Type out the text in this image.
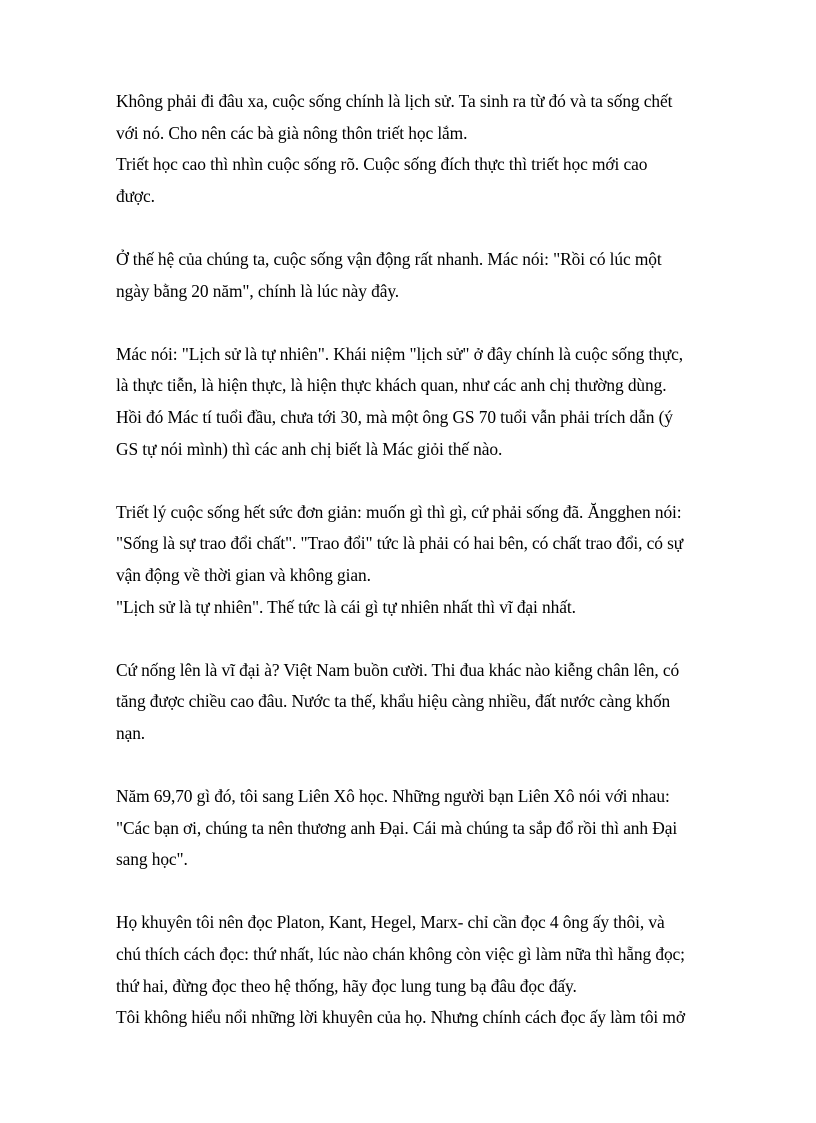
Không phải đi đâu xa, cuộc sống chính là lịch sử. Ta sinh ra từ đó và ta sống chết
với nó. Cho nên các bà già nông thôn triết học lắm.
Triết học cao thì nhìn cuộc sống rõ. Cuộc sống đích thực thì triết học mới cao
được.
Ở thế hệ của chúng ta, cuộc sống vận động rất nhanh. Mác nói: "Rồi có lúc một
ngày bằng 20 năm", chính là lúc này đây.
Mác nói: "Lịch sử là tự nhiên". Khái niệm "lịch sử" ở đây chính là cuộc sống thực,
là thực tiễn, là hiện thực, là hiện thực khách quan, như các anh chị thường dùng.
Hồi đó Mác tí tuổi đầu, chưa tới 30, mà một ông GS 70 tuổi vẫn phải trích dẫn (ý
GS tự nói mình) thì các anh chị biết là Mác giỏi thế nào.
Triết lý cuộc sống hết sức đơn giản: muốn gì thì gì, cứ phải sống đã. Ăngghen nói:
"Sống là sự trao đổi chất". "Trao đổi" tức là phải có hai bên, có chất trao đổi, có sự
vận động về thời gian và không gian.
"Lịch sử là tự nhiên". Thế tức là cái gì tự nhiên nhất thì vĩ đại nhất.
Cứ nống lên là vĩ đại à? Việt Nam buồn cười. Thi đua khác nào kiễng chân lên, có
tăng được chiều cao đâu. Nước ta thế, khẩu hiệu càng nhiều, đất nước càng khốn
nạn.
Năm 69,70 gì đó, tôi sang Liên Xô học. Những người bạn Liên Xô nói với nhau:
"Các bạn ơi, chúng ta nên thương anh Đại. Cái mà chúng ta sắp đổ rồi thì anh Đại
sang học".
Họ khuyên tôi nên đọc Platon, Kant, Hegel, Marx- chỉ cần đọc 4 ông ấy thôi, và
chú thích cách đọc: thứ nhất, lúc nào chán không còn việc gì làm nữa thì hẵng đọc;
thứ hai, đừng đọc theo hệ thống, hãy đọc lung tung bạ đâu đọc đấy.
Tôi không hiểu nổi những lời khuyên của họ. Nhưng chính cách đọc ấy làm tôi mở
